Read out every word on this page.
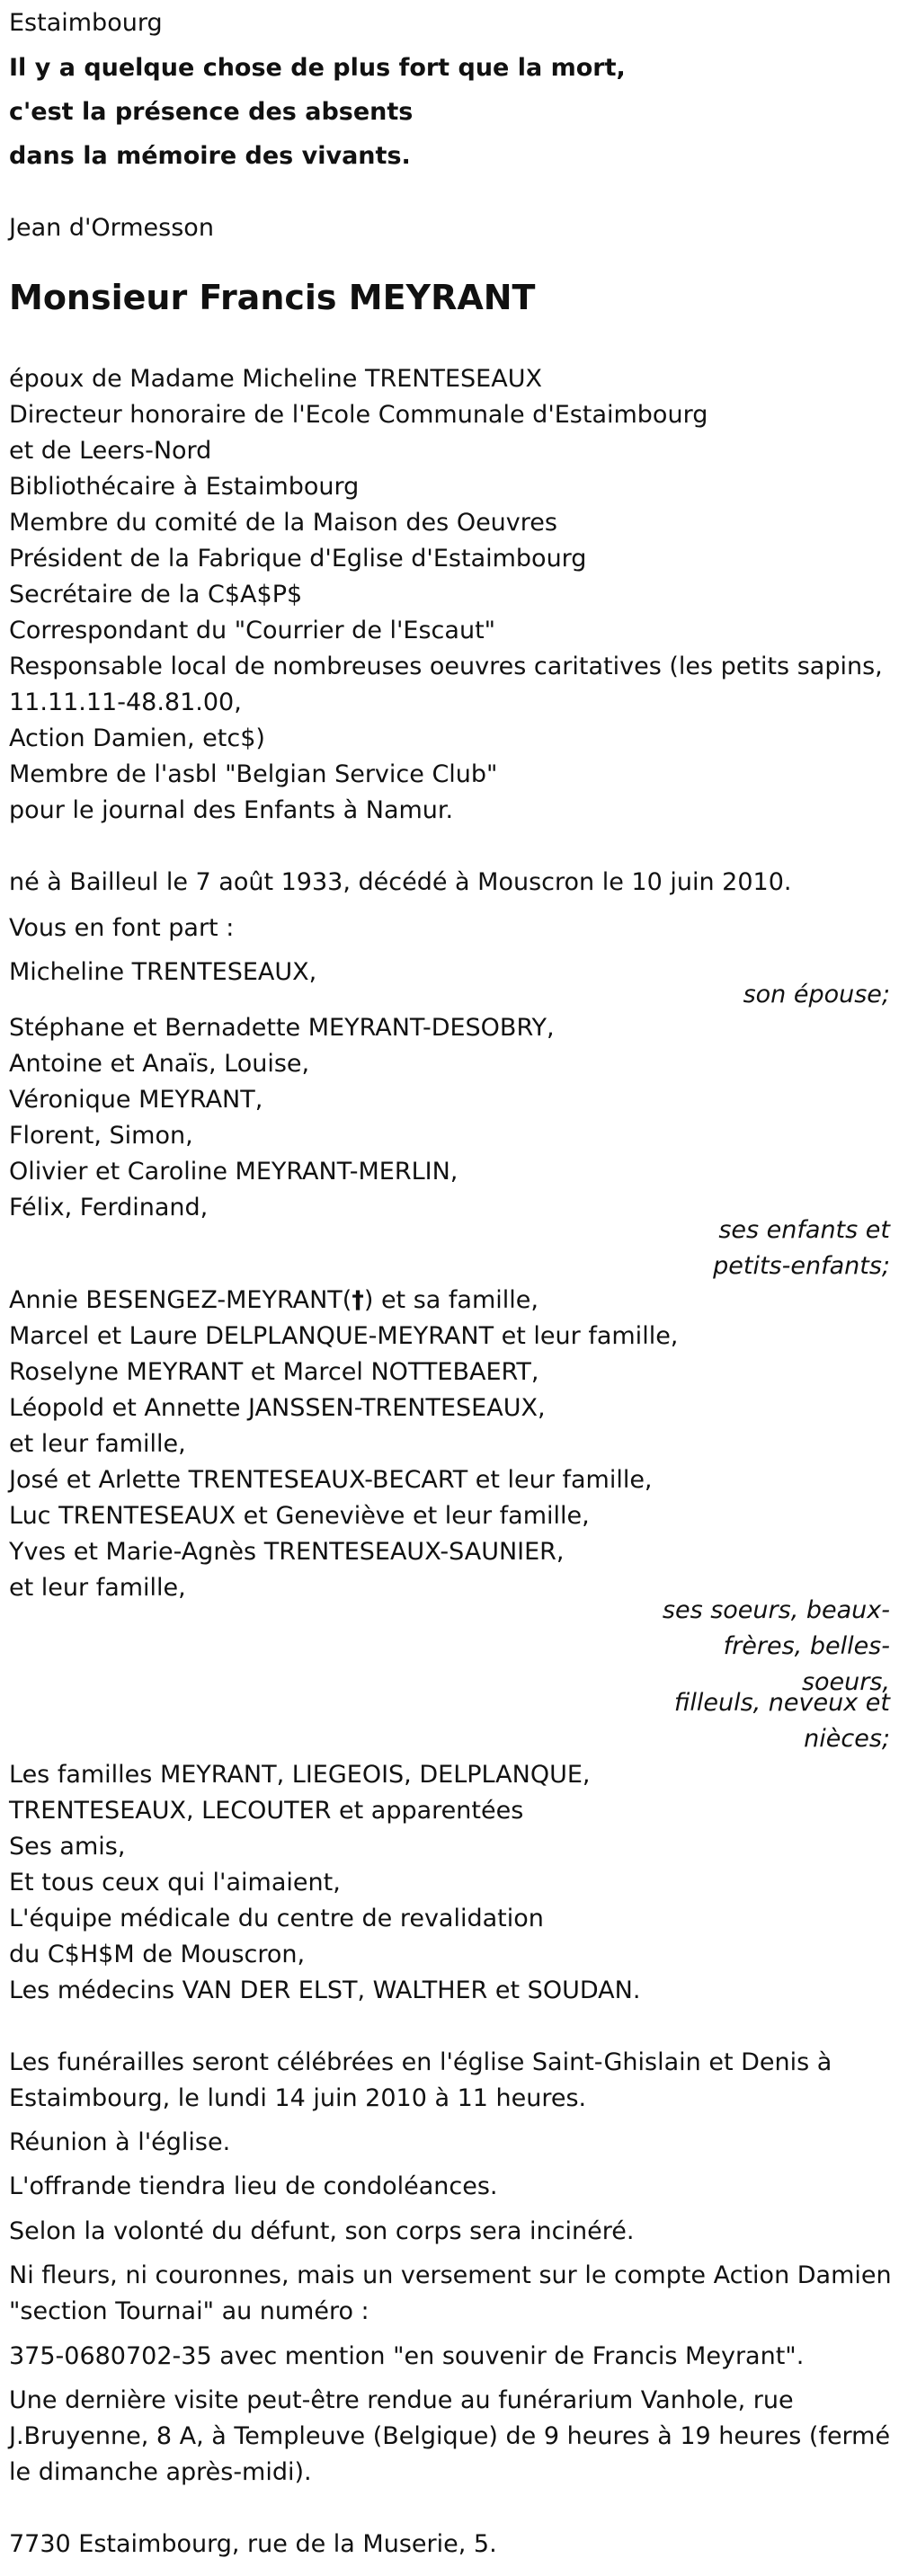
Estaimbourg

Il y a quelque chose de plus fort que la mort,

c'est la présence des absents

dans la mémoire des vivants.

Jean d'Ormesson

Monsieur Francis MEYRANT

époux de Madame Micheline TRENTESEAUX

Directeur honoraire de l'Ecole Communale d'Estaimbourg

et de Leers-Nord

Bibliothécaire à Estaimbourg

Membre du comité de la Maison des Oeuvres

Président de la Fabrique d'Eglise d'Estaimbourg

Secrétaire de la C$A$P$

Correspondant du "Courrier de l'Escaut"

Responsable local de nombreuses oeuvres caritatives (les petits sapins,

11.11.11-48.81.00,

Action Damien, etc$)

Membre de l'asbl "Belgian Service Club"

pour le journal des Enfants à Namur.

né à Bailleul le 7 août 1933, décédé à Mouscron le 10 juin 2010.

Vous en font part :

Micheline TRENTESEAUX,

son épouse;

Stéphane et Bernadette MEYRANT-DESOBRY,

Antoine et Anaïs, Louise,

Véronique MEYRANT,

Florent, Simon,

Olivier et Caroline MEYRANT-MERLIN,

Félix, Ferdinand,

ses enfants et

petits-enfants;

Annie BESENGEZ-MEYRANT(†) et sa famille,

Marcel et Laure DELPLANQUE-MEYRANT et leur famille,

Roselyne MEYRANT et Marcel NOTTEBAERT,

Léopold et Annette JANSSEN-TRENTESEAUX,

et leur famille,

José et Arlette TRENTESEAUX-BECART et leur famille,

Luc TRENTESEAUX et Geneviève et leur famille,

Yves et Marie-Agnès TRENTESEAUX-SAUNIER,

et leur famille,

ses soeurs, beaux-

frères, belles-

soeurs,

filleuls, neveux et

nièces;

Les familles MEYRANT, LIEGEOIS, DELPLANQUE,

TRENTESEAUX, LECOUTER et apparentées

Ses amis,

Et tous ceux qui l'aimaient,

L'équipe médicale du centre de revalidation

du C$H$M de Mouscron,

Les médecins VAN DER ELST, WALTHER et SOUDAN.

Les funérailles seront célébrées en l'église Saint-Ghislain et Denis à

Estaimbourg, le lundi 14 juin 2010 à 11 heures.

Réunion à l'église.

L'offrande tiendra lieu de condoléances.

Selon la volonté du défunt, son corps sera incinéré.

Ni fleurs, ni couronnes, mais un versement sur le compte Action Damien

"section Tournai" au numéro :

375-0680702-35 avec mention "en souvenir de Francis Meyrant".

Une dernière visite peut-être rendue au funérarium Vanhole, rue

J.Bruyenne, 8 A, à Templeuve (Belgique) de 9 heures à 19 heures (fermé

le dimanche après-midi).

7730 Estaimbourg, rue de la Muserie, 5.
